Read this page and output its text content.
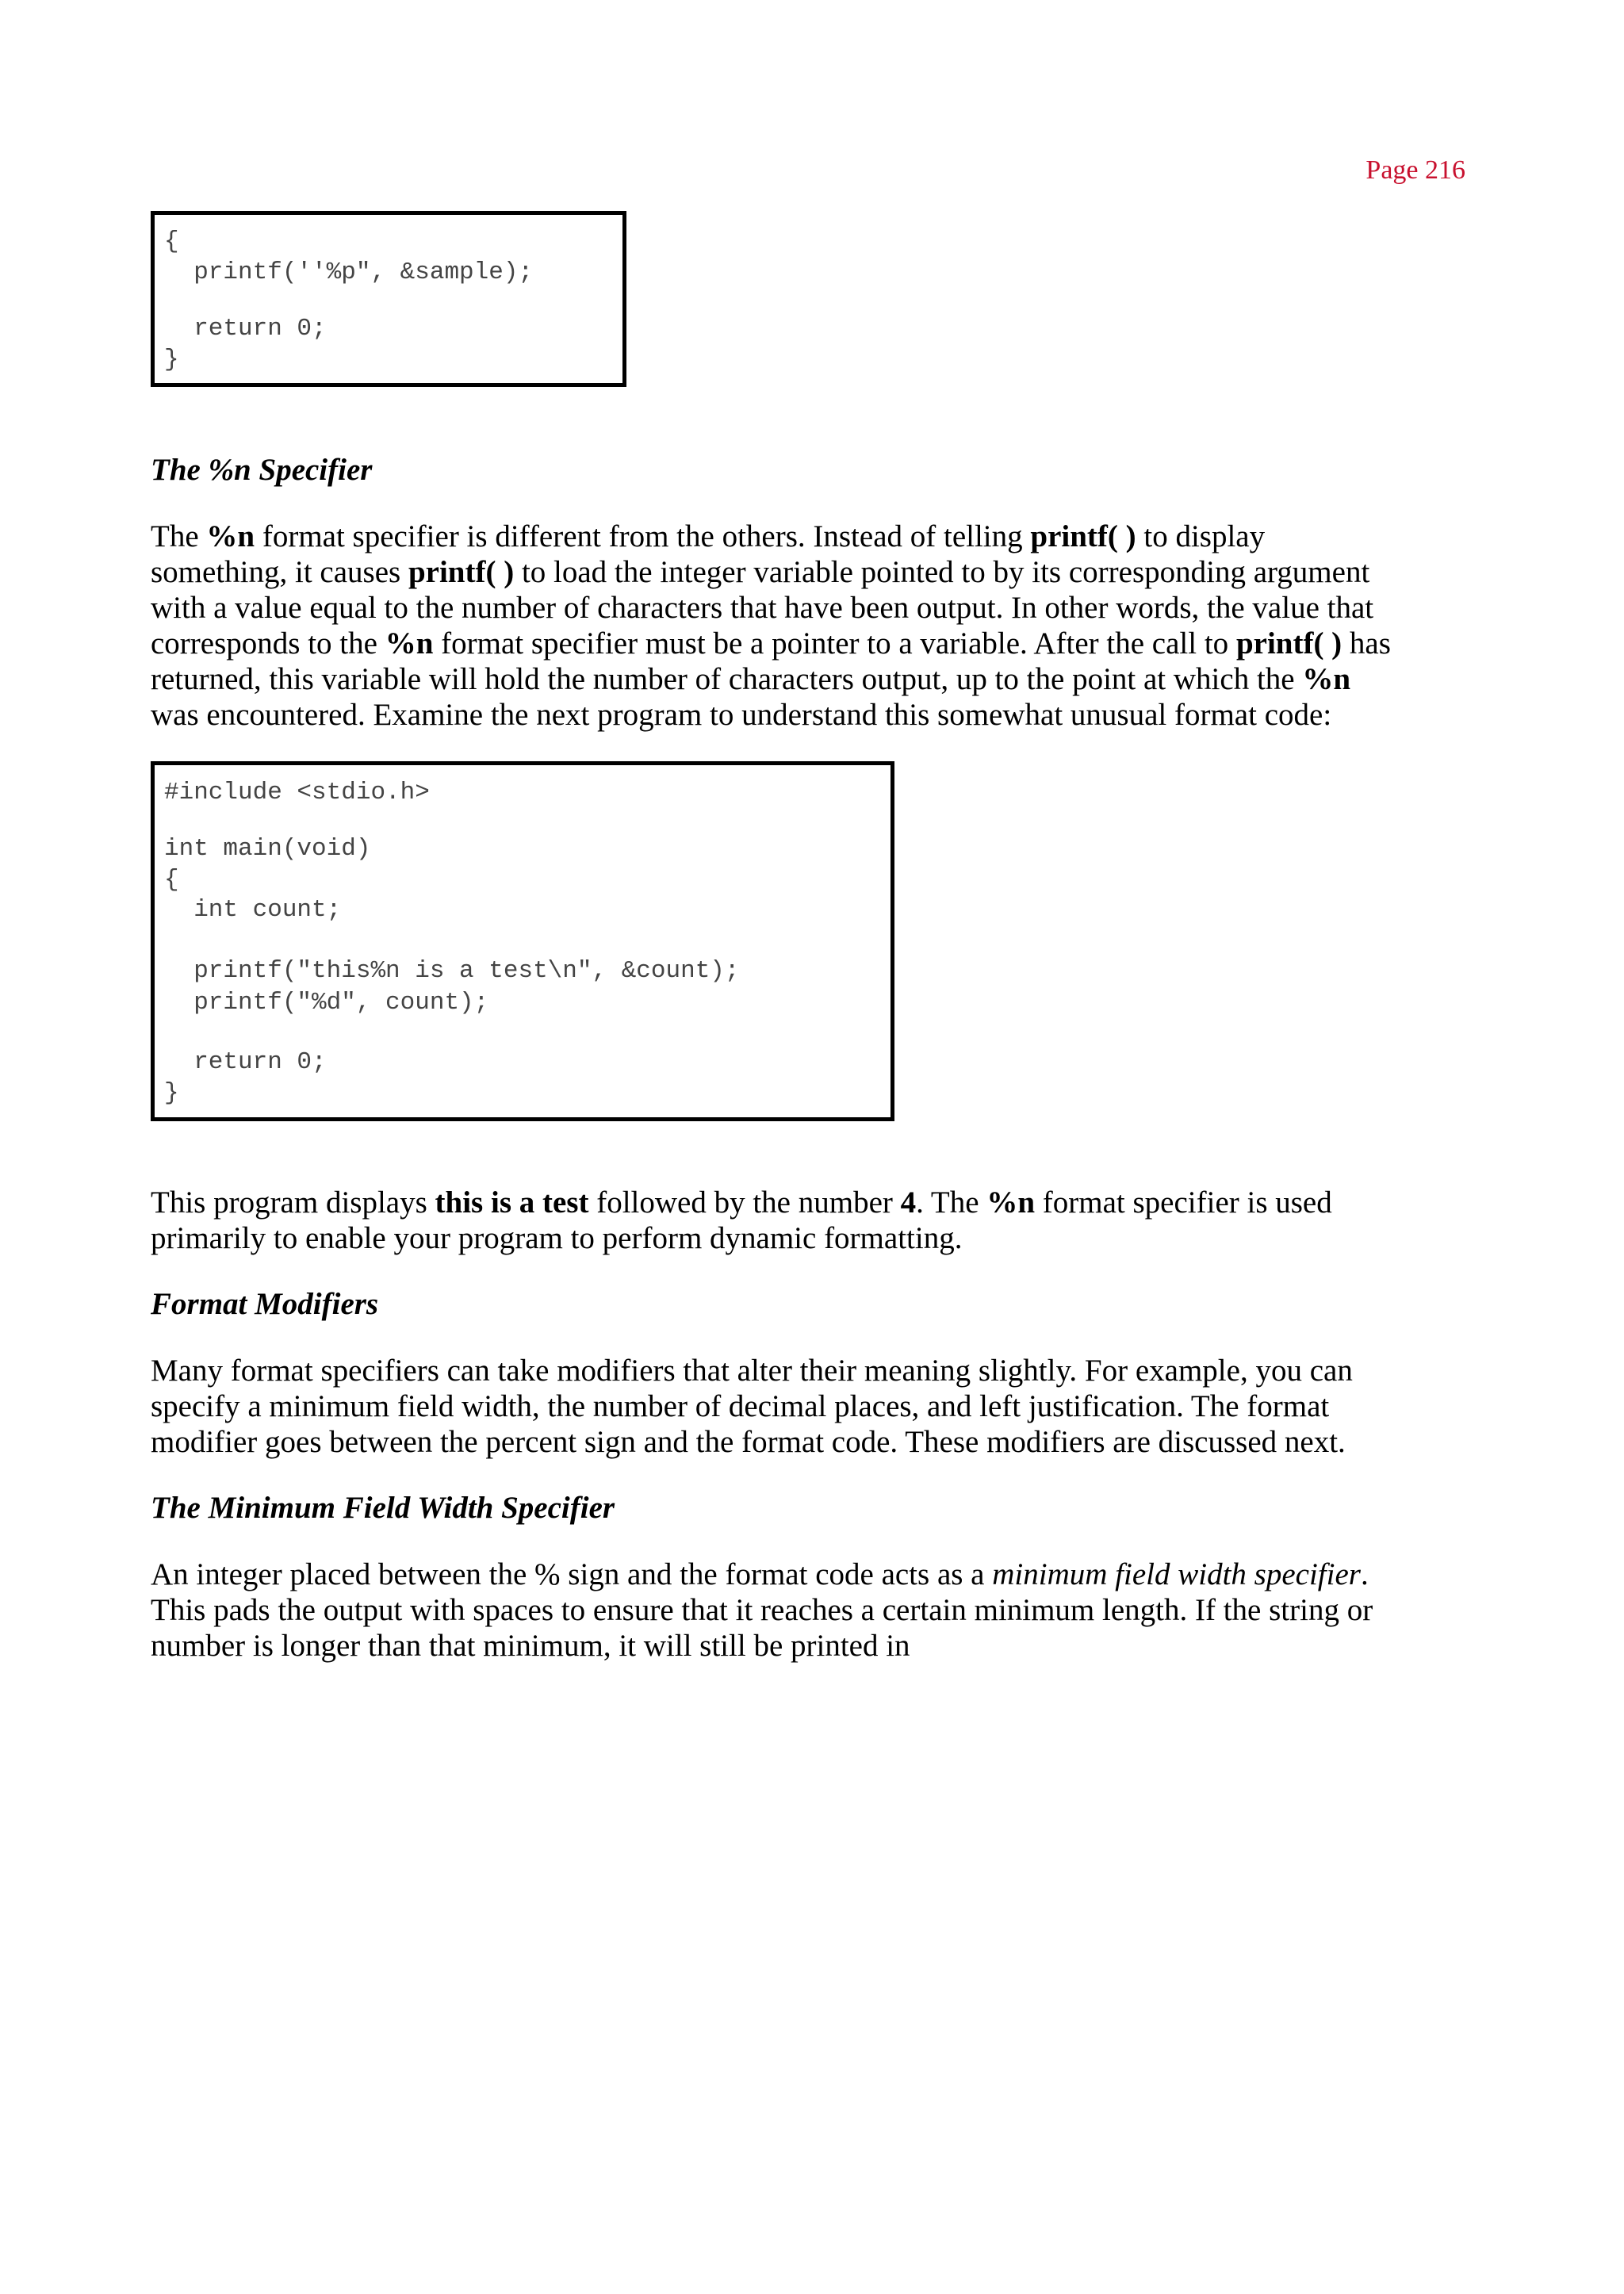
Page 216
{
printf(''%p", &sample);
return 0;
}
The %n Specifier
The %n format specifier is different from the others. Instead of telling printf( ) to display
something, it causes printf( ) to load the integer variable pointed to by its corresponding argument
with a value equal to the number of characters that have been output. In other words, the value that
corresponds to the %n format specifier must be a pointer to a variable. After the call to printf( ) has
returned, this variable will hold the number of characters output, up to the point at which the %n
was encountered. Examine the next program to understand this somewhat unusual format code:
#include <stdio.h>
int main(void)
{
int count;
printf("this%n is a test\n", &count);
printf("%d", count);
return 0;
}
This program displays this is a test followed by the number 4. The %n format specifier is used
primarily to enable your program to perform dynamic formatting.
Format Modifiers
Many format specifiers can take modifiers that alter their meaning slightly. For example, you can
specify a minimum field width, the number of decimal places, and left justification. The format
modifier goes between the percent sign and the format code. These modifiers are discussed next.
The Minimum Field Width Specifier
An integer placed between the % sign and the format code acts as a minimum field width specifier.
This pads the output with spaces to ensure that it reaches a certain minimum length. If the string or
number is longer than that minimum, it will still be printed in
